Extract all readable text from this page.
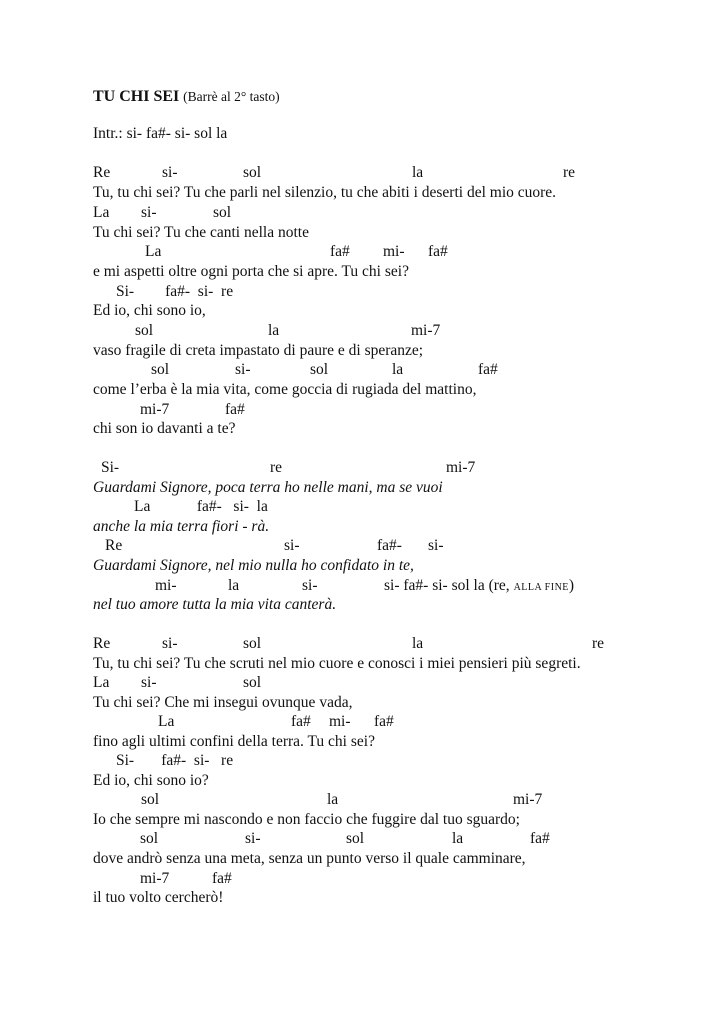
TU CHI SEI (Barrè al 2° tasto)
Intr.: si- fa#- si- sol la
Re	si-	sol	la	re
Tu, tu chi sei? Tu che parli nel silenzio, tu che abiti i deserti del mio cuore.
La si-	sol
Tu chi sei? Tu che canti nella notte
La	fa# mi- fa#
e mi aspetti oltre ogni porta che si apre. Tu chi sei?
Si-        fa#-  si-  re
Ed io, chi sono io,
sol	la	mi-7
vaso fragile di creta impastato di paure e di speranze;
sol	si-	sol	la	fa#
come l’erba è la mia vita, come goccia di rugiada del mattino,
mi-7	fa#
chi son io davanti a te?
Si-	re	mi-7
Guardami Signore, poca terra ho nelle mani, ma se vuoi
La            fa#-   si-  la
anche la mia terra fiori - rà.
Re	si-	fa#- si-
Guardami Signore, nel mio nulla ho confidato in te,
mi-	la	si-	si- fa#- si- sol la (re, ALLA FINE)
nel tuo amore tutta la mia vita canterà.
Re	si-	sol	la	re
Tu, tu chi sei? Tu che scruti nel mio cuore e conosci i miei pensieri più segreti.
La si-	sol
Tu chi sei? Che mi insegui ovunque vada,
La	fa# mi- fa#
fino agli ultimi confini della terra. Tu chi sei?
Si-       fa#-  si-   re
Ed io, chi sono io?
sol	la	mi-7
Io che sempre mi nascondo e non faccio che fuggire dal tuo sguardo;
sol	si-	sol	la	fa#
dove andrò senza una meta, senza un punto verso il quale camminare,
mi-7	fa#
il tuo volto cercherò!
